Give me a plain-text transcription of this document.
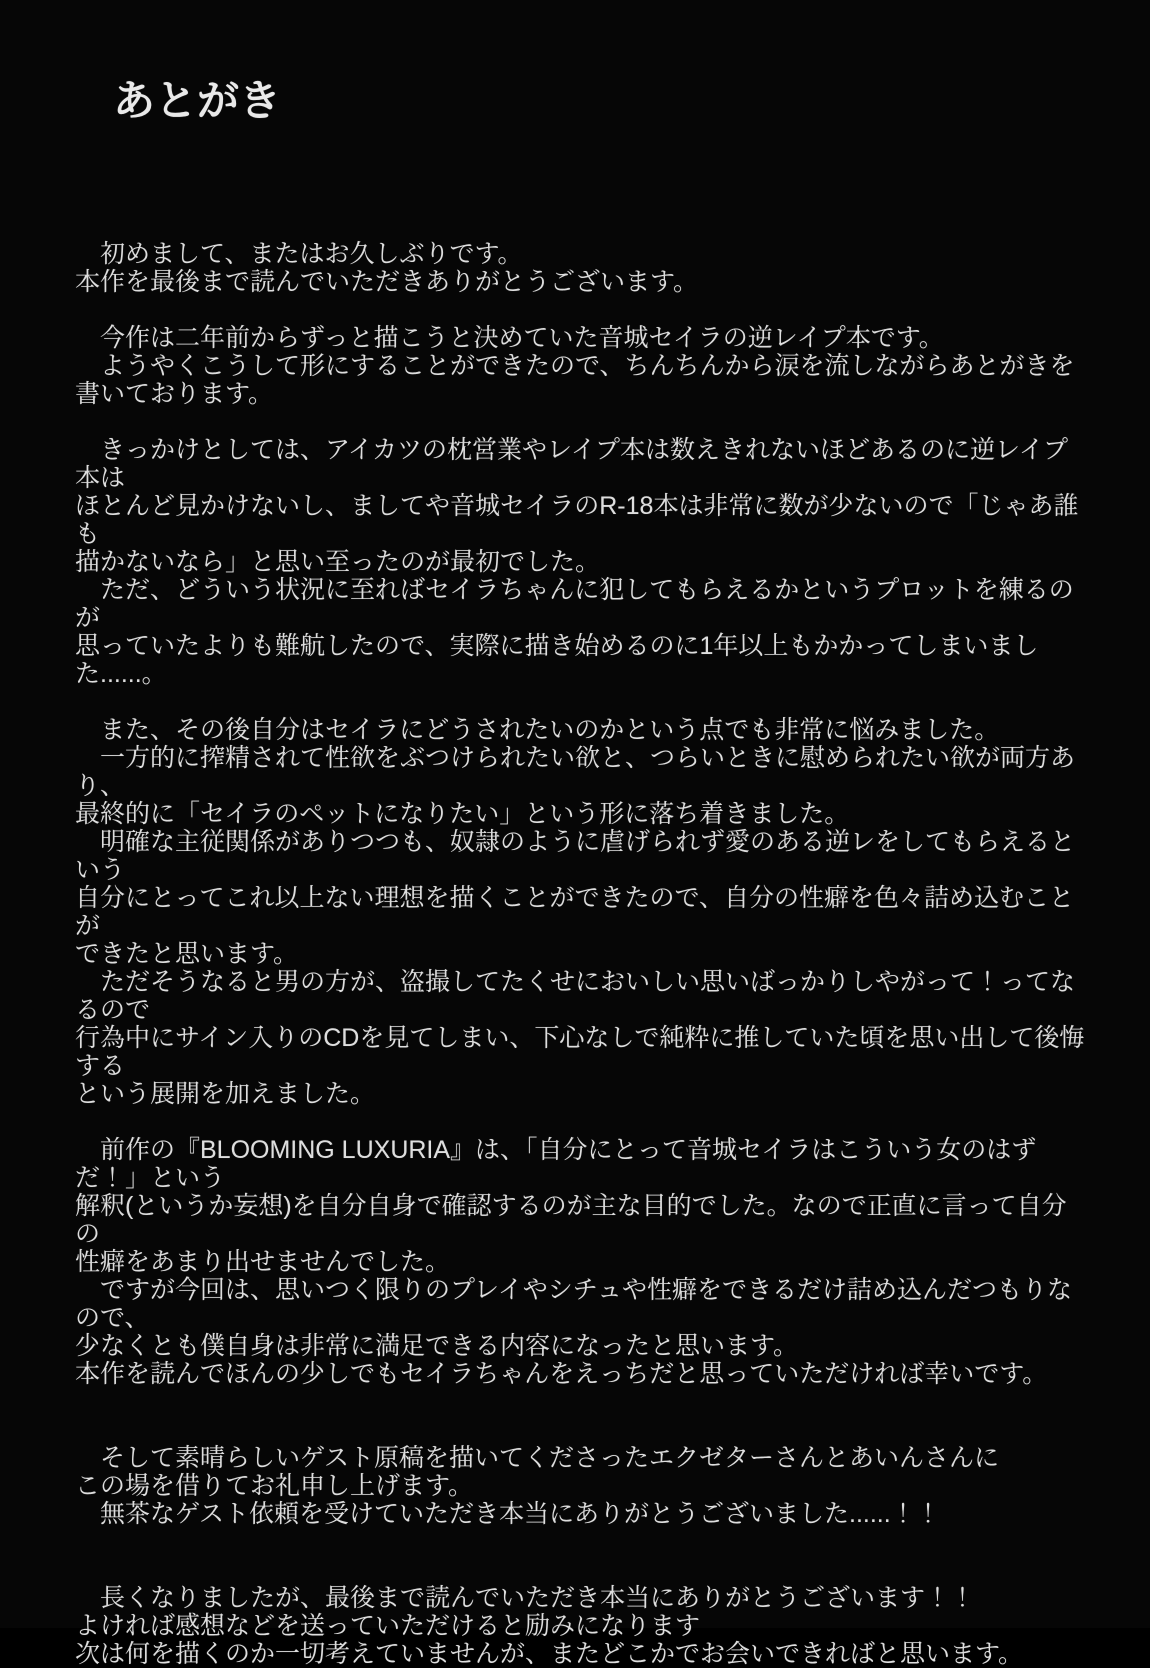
あとがき
　初めまして、またはお久しぶりです。
本作を最後まで読んでいただきありがとうございます。
　今作は二年前からずっと描こうと決めていた音城セイラの逆レイプ本です。
　ようやくこうして形にすることができたので、ちんちんから涙を流しながらあとがきを
書いております。
　きっかけとしては、アイカツの枕営業やレイプ本は数えきれないほどあるのに逆レイプ本は
ほとんど見かけないし、ましてや音城セイラのR-18本は非常に数が少ないので「じゃあ誰も
描かないなら」と思い至ったのが最初でした。
　ただ、どういう状況に至ればセイラちゃんに犯してもらえるかというプロットを練るのが
思っていたよりも難航したので、実際に描き始めるのに1年以上もかかってしまいました......。
　また、その後自分はセイラにどうされたいのかという点でも非常に悩みました。
　一方的に搾精されて性欲をぶつけられたい欲と、つらいときに慰められたい欲が両方あり、
最終的に「セイラのペットになりたい」という形に落ち着きました。
　明確な主従関係がありつつも、奴隷のように虐げられず愛のある逆レをしてもらえるという
自分にとってこれ以上ない理想を描くことができたので、自分の性癖を色々詰め込むことが
できたと思います。
　ただそうなると男の方が、盗撮してたくせにおいしい思いばっかりしやがって！ってなるので
行為中にサイン入りのCDを見てしまい、下心なしで純粋に推していた頃を思い出して後悔する
という展開を加えました。
　前作の『BLOOMING LUXURIA』は、「自分にとって音城セイラはこういう女のはずだ！」という
解釈(というか妄想)を自分自身で確認するのが主な目的でした。なので正直に言って自分の
性癖をあまり出せませんでした。
　ですが今回は、思いつく限りのプレイやシチュや性癖をできるだけ詰め込んだつもりなので、
少なくとも僕自身は非常に満足できる内容になったと思います。
本作を読んでほんの少しでもセイラちゃんをえっちだと思っていただければ幸いです。
　そして素晴らしいゲスト原稿を描いてくださったエクゼターさんとあいんさんに
この場を借りてお礼申し上げます。
　無茶なゲスト依頼を受けていただき本当にありがとうございました......！！
　長くなりましたが、最後まで読んでいただき本当にありがとうございます！！
よければ感想などを送っていただけると励みになります
次は何を描くのか一切考えていませんが、またどこかでお会いできればと思います。
